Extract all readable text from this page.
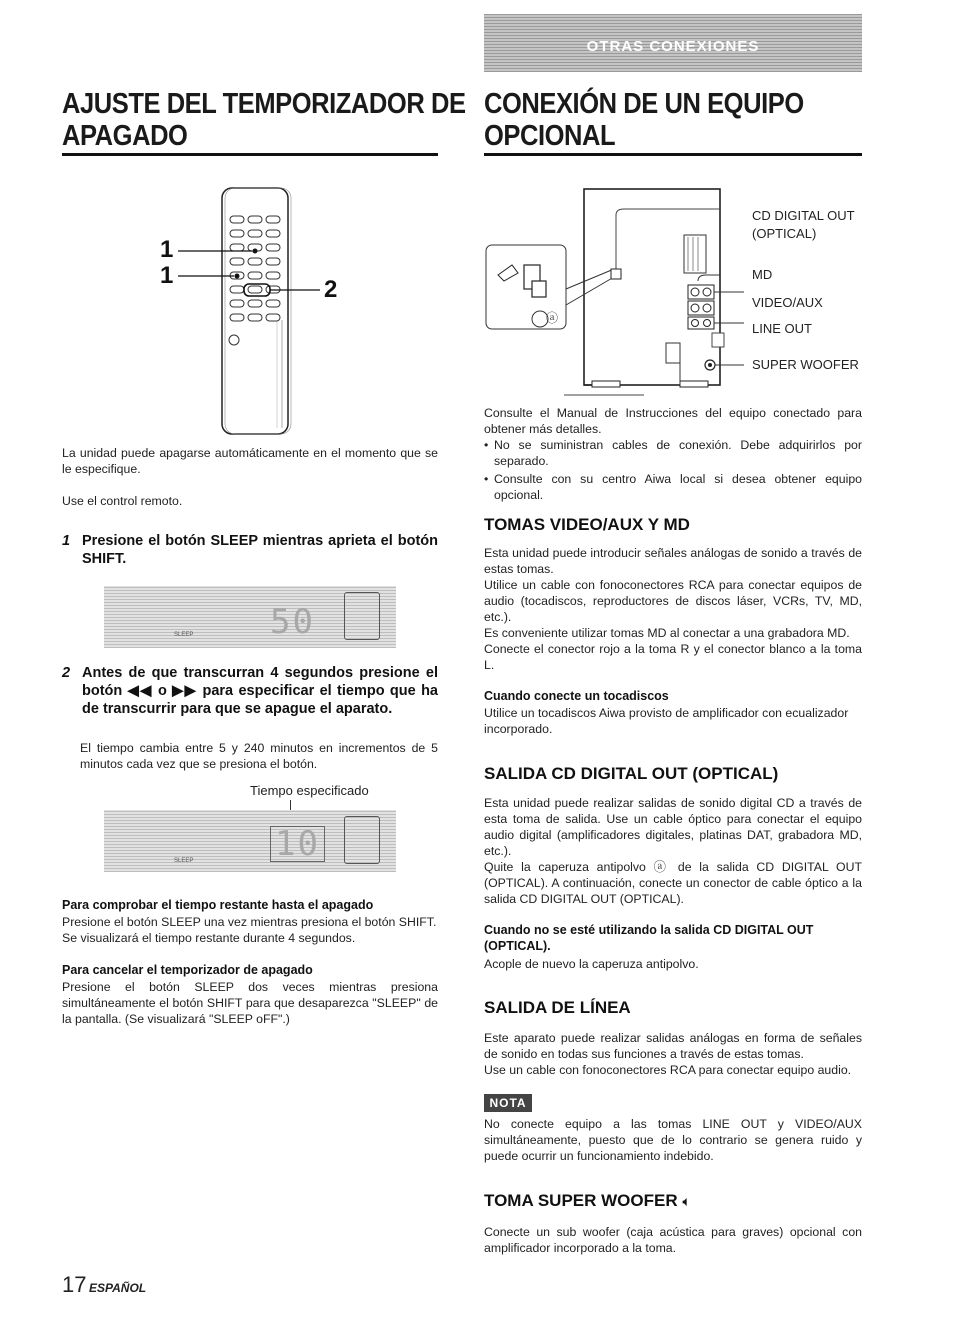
OTRAS CONEXIONES
AJUSTE DEL TEMPORIZADOR DE
APAGADO
CONEXIÓN DE UN EQUIPO
OPCIONAL
1
1
2
La unidad puede apagarse automáticamente en el momento que se le especifique.
Use el control remoto.
1 Presione el botón SLEEP mientras aprieta el botón SHIFT.
50
SLEEP
2 Antes de que transcurran 4 segundos presione el botón ◀◀ o ▶▶ para especificar el tiempo que ha de transcurrir para que se apague el aparato.
El tiempo cambia entre 5 y 240 minutos en incrementos de 5 minutos cada vez que se presiona el botón.
Tiempo especificado
10
SLEEP
Para comprobar el tiempo restante hasta el apagado
Presione el botón SLEEP una vez mientras presiona el botón SHIFT. Se visualizará el tiempo restante durante 4 segundos.
Para cancelar el temporizador de apagado
Presione el botón SLEEP dos veces mientras presiona simultáneamente el botón SHIFT para que desaparezca "SLEEP" de la pantalla. (Se visualizará "SLEEP oFF".)
ⓐ
CD DIGITAL OUT
(OPTICAL)
MD
VIDEO/AUX
LINE OUT
SUPER WOOFER
Consulte el Manual de Instrucciones del equipo conectado para obtener más detalles.
• No se suministran cables de conexión. Debe adquirirlos por separado.
• Consulte con su centro Aiwa local si desea obtener equipo opcional.
TOMAS VIDEO/AUX Y MD
Esta unidad puede introducir señales análogas de sonido a través de estas tomas.
Utilice un cable con fonoconectores RCA para conectar equipos de audio (tocadiscos, reproductores de discos láser, VCRs, TV, MD, etc.).
Es conveniente utilizar tomas MD al conectar a una grabadora MD.
Conecte el conector rojo a la toma R y el conector blanco a la toma L.
Cuando conecte un tocadiscos
Utilice un tocadiscos Aiwa provisto de amplificador con ecualizador incorporado.
SALIDA CD DIGITAL OUT (OPTICAL)
Esta unidad puede realizar salidas de sonido digital CD a través de esta toma de salida. Use un cable óptico para conectar el equipo audio digital (amplificadores digitales, platinas DAT, grabadora MD, etc.).
Quite la caperuza antipolvo ⓐ de la salida CD DIGITAL OUT (OPTICAL). A continuación, conecte un conector de cable óptico a la salida CD DIGITAL OUT (OPTICAL).
Cuando no se esté utilizando la salida CD DIGITAL OUT (OPTICAL).
Acople de nuevo la caperuza antipolvo.
SALIDA DE LÍNEA
Este aparato puede realizar salidas análogas en forma de señales de sonido en todas sus funciones a través de estas tomas.
Use un cable con fonoconectores RCA para conectar equipo audio.
NOTA
No conecte equipo a las tomas LINE OUT y VIDEO/AUX simultáneamente, puesto que de lo contrario se genera ruido y puede ocurrir un funcionamiento indebido.
TOMA SUPER WOOFER 🔈︎
Conecte un sub woofer (caja acústica para graves) opcional con amplificador incorporado a la toma.
17 ESPAÑOL
